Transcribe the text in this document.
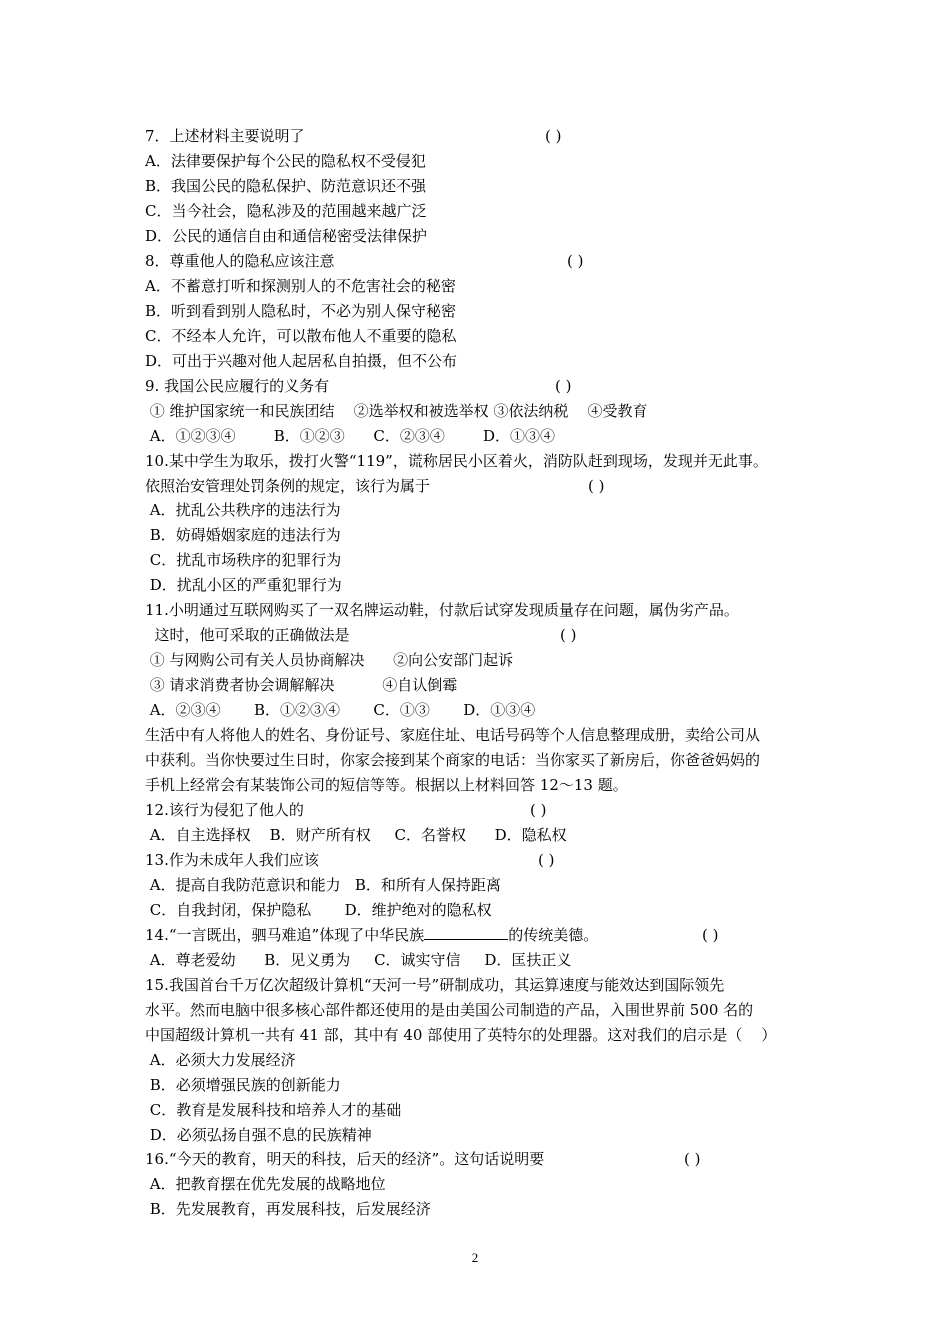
7．上述材料主要说明了	( )
A．法律要保护每个公民的隐私权不受侵犯
B．我国公民的隐私保护、防范意识还不强
C．当今社会，隐私涉及的范围越来越广泛
D．公民的通信自由和通信秘密受法律保护
8．尊重他人的隐私应该注意	( )
A．不蓄意打听和探测别人的不危害社会的秘密
B．听到看到别人隐私时，不必为别人保守秘密
C．不经本人允许，可以散布他人不重要的隐私
D．可出于兴趣对他人起居私自拍摄，但不公布
9. 我国公民应履行的义务有	( )
① 维护国家统一和民族团结    ②选举权和被选举权 ③依法纳税    ④受教育
A．①②③④        B．①②③      C．②③④        D．①③④
10.某中学生为取乐，拨打火警“119”，谎称居民小区着火，消防队赶到现场，发现并无此事。
依照治安管理处罚条例的规定，该行为属于	( )
A．扰乱公共秩序的违法行为
B．妨碍婚姻家庭的违法行为
C．扰乱市场秩序的犯罪行为
D．扰乱小区的严重犯罪行为
11.小明通过互联网购买了一双名牌运动鞋，付款后试穿发现质量存在问题，属伪劣产品。
这时，他可采取的正确做法是	( )
① 与网购公司有关人员协商解决      ②向公安部门起诉
③ 请求消费者协会调解解决          ④自认倒霉
A．②③④       B．①②③④       C．①③       D．①③④
生活中有人将他人的姓名、身份证号、家庭住址、电话号码等个人信息整理成册，卖给公司从
中获利。当你快要过生日时，你家会接到某个商家的电话：当你家买了新房后，你爸爸妈妈的
手机上经常会有某装饰公司的短信等等。根据以上材料回答 12～13 题。
12.该行为侵犯了他人的	( )
A．自主选择权    B．财产所有权     C．名誉权      D．隐私权
13.作为未成年人我们应该	( )
A．提高自我防范意识和能力   B．和所有人保持距离
C．自我封闭，保护隐私       D．维护绝对的隐私权
14.“一言既出，驷马难追”体现了中华民族	的传统美德。	( )
A．尊老爱幼      B．见义勇为     C．诚实守信     D．匡扶正义
15.我国首台千万亿次超级计算机“天河一号”研制成功，其运算速度与能效达到国际领先
水平。然而电脑中很多核心部件都还使用的是由美国公司制造的产品，入围世界前 500 名的
中国超级计算机一共有 41 部，其中有 40 部使用了英特尔的处理器。这对我们的启示是（    ）
A．必须大力发展经济
B．必须增强民族的创新能力
C．教育是发展科技和培养人才的基础
D．必须弘扬自强不息的民族精神
16.“今天的教育，明天的科技，后天的经济”。这句话说明要	( )
A．把教育摆在优先发展的战略地位
B．先发展教育，再发展科技，后发展经济
2
